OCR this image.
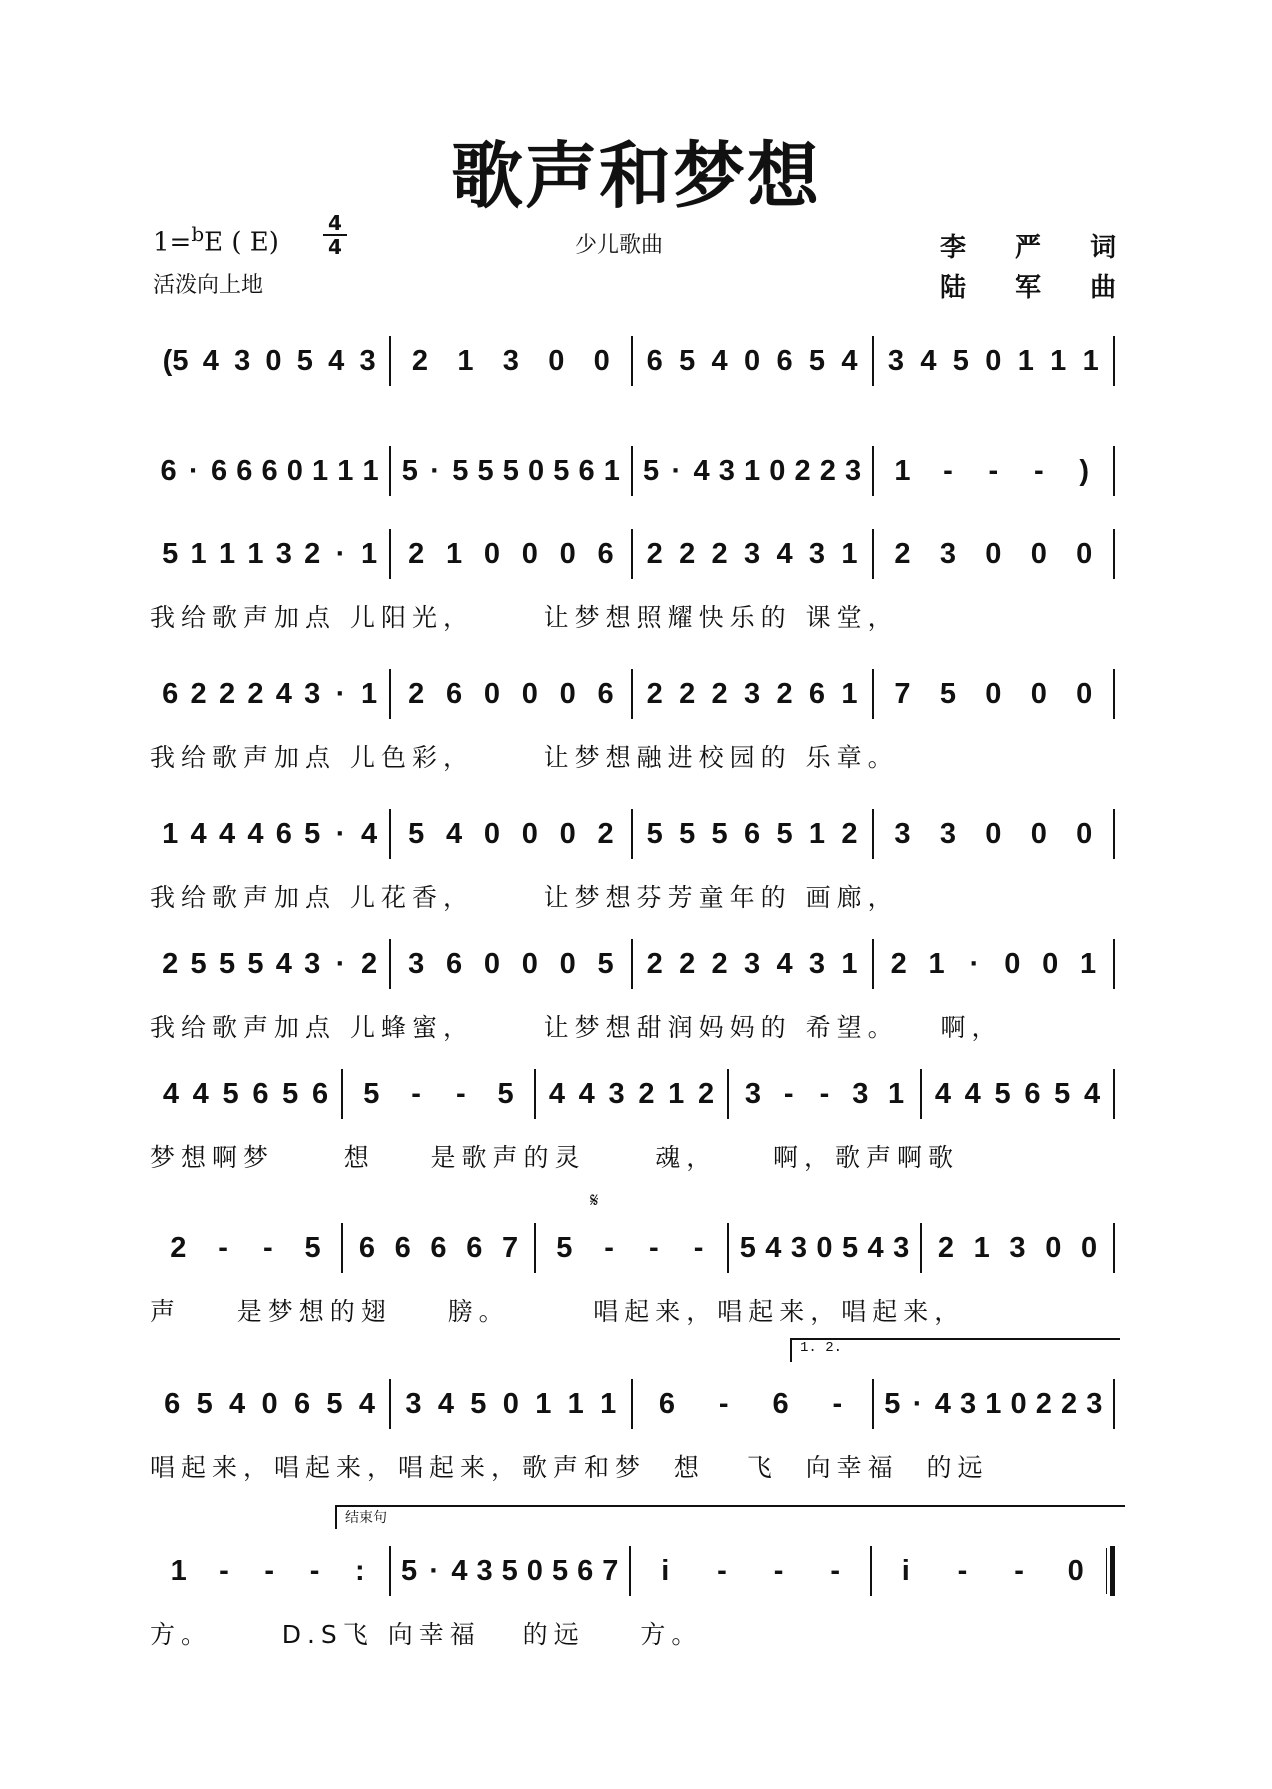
歌声和梦想
1=$^b$E ( E)
4
4
活泼向上地
少儿歌曲	李 严 词
陆 军 曲
(5 4 3 0 5 4 3 2 1 3 0 0 6 5 4 0 6 5 4 3 4 5 0 1 1 1
6 · 6 6 6 0 1 1 1 5 · 5 5 5 0 5 6 1 5 · 4 3 1 0 2 2 3 1 - - - )
5 1 1 1 3 2 · 1 2 1 0 0 0 6 2 2 2 3 4 3 1 2 3 0 0 0
我给歌声加点 儿阳光，     让梦想照耀快乐的 课堂，
6 2 2 2 4 3 · 1 2 6 0 0 0 6 2 2 2 3 2 6 1 7 5 0 0 0
我给歌声加点 儿色彩，     让梦想融进校园的 乐章。
1 4 4 4 6 5 · 4 5 4 0 0 0 2 5 5 5 6 5 1 2 3 3 0 0 0
我给歌声加点 儿花香，     让梦想芬芳童年的 画廊，
2 5 5 5 4 3 · 2 3 6 0 0 0 5 2 2 2 3 4 3 1 2 1 · 0 0 1
我给歌声加点 儿蜂蜜，     让梦想甜润妈妈的 希望。   啊，
4 4 5 6 5 6 5 - - 5 4 4 3 2 1 2 3 - - 3 1 4 4 5 6 5 4
梦想啊梦     想    是歌声的灵     魂，    啊，歌声啊歌
2 - - 5 6 6 6 6 7 5 - - - 5 4 3 0 5 4 3 2 1 3 0 0
𝄋
声    是梦想的翅    膀。      唱起来，唱起来，唱起来，
6 5 4 0 6 5 4 3 4 5 0 1 1 1 6 - 6 - 5 · 4 3 1 0 2 2 3
1. 2.
唱起来，唱起来，唱起来，歌声和梦  想   飞  向幸福  的远
1 - - - : 5 · 4 3 5 0 5 6 7 i - - - i - - 0
结束句
方。     D.S飞 向幸福   的远    方。
